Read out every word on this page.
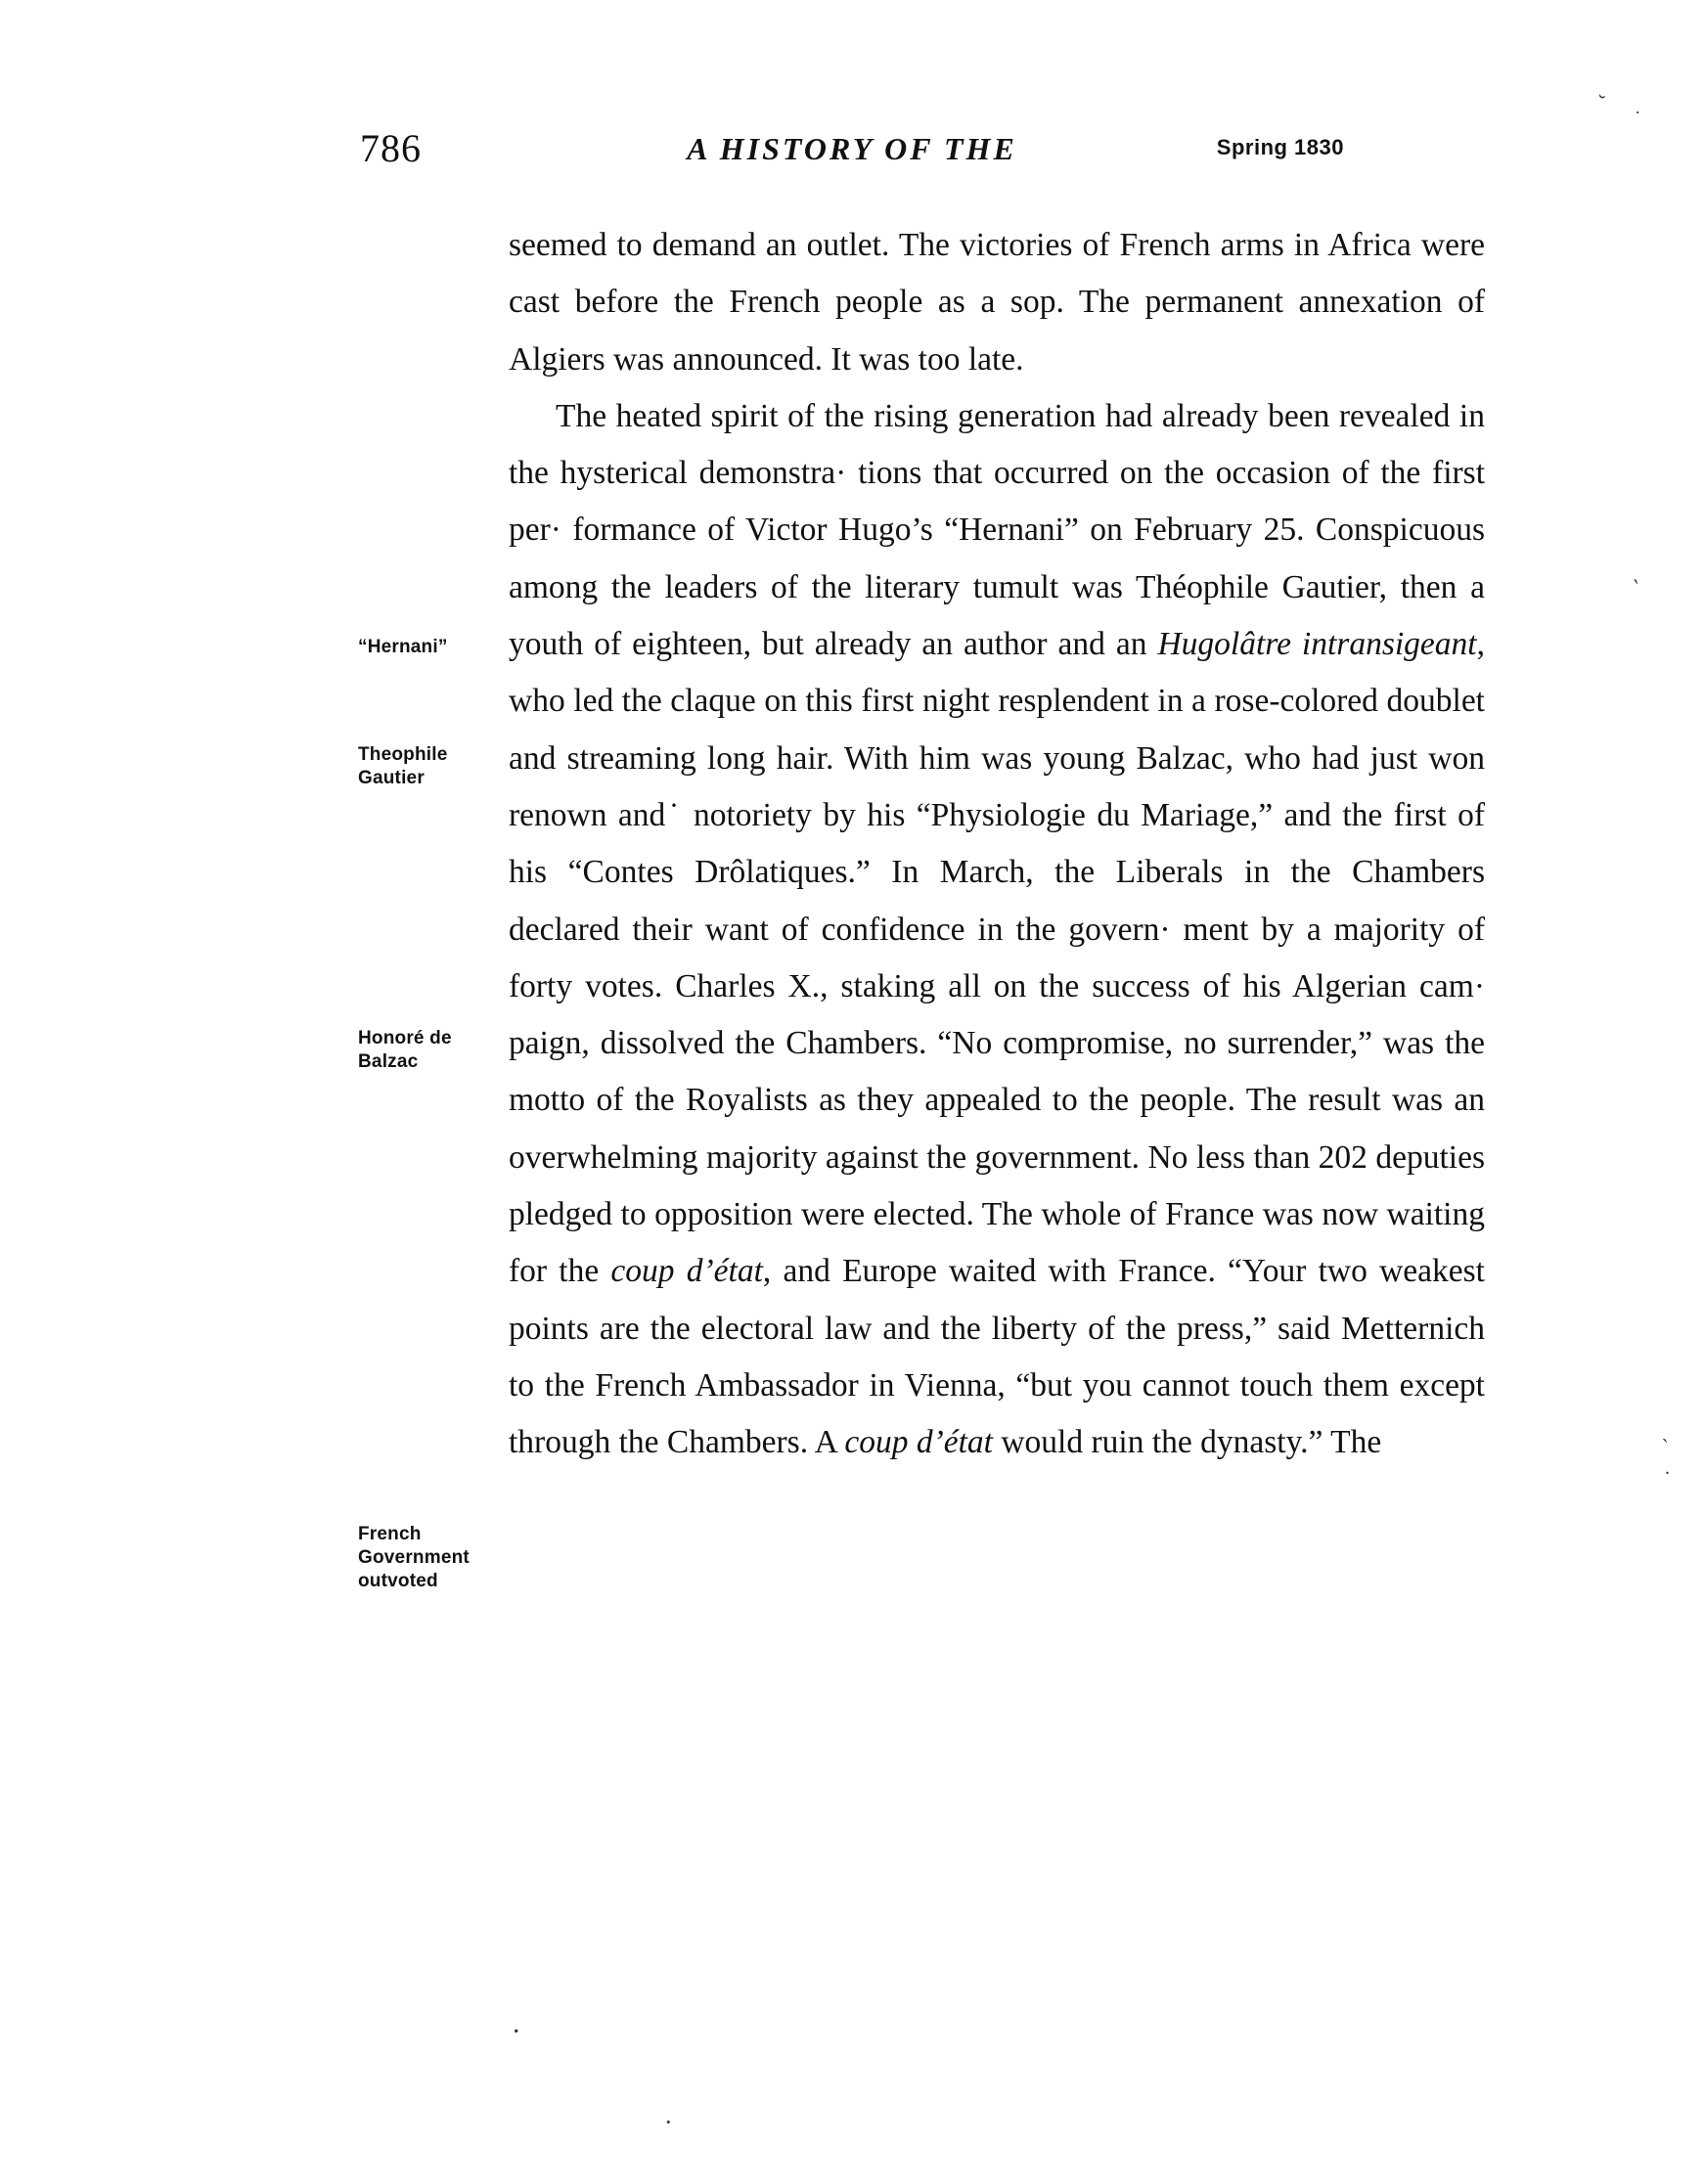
786	A HISTORY OF THE	Spring 1830
“Hernani”
Theophile Gautier
Honoré de Balzac
French Government outvoted

seemed to demand an outlet. The victories of French arms in Africa were cast before the French people as a sop. The permanent annexation of Algiers was announced. It was too late.

The heated spirit of the rising generation had already been revealed in the hysterical demonstra· tions that occurred on the occasion of the first per· formance of Victor Hugo’s “Hernani” on February 25. Conspicuous among the leaders of the literary tumult was Théophile Gautier, then a youth of eighteen, but already an author and an Hugolâtre intransigeant, who led the claque on this first night resplendent in a rose-colored doublet and streaming long hair. With him was young Balzac, who had just won renown and˙ notoriety by his “Physiologie du Mariage,” and the first of his “Contes Drôlatiques.” In March, the Liberals in the Chambers declared their want of confidence in the govern· ment by a majority of forty votes. Charles X., staking all on the success of his Algerian cam· paign, dissolved the Chambers. “No compromise, no surrender,” was the motto of the Royalists as they appealed to the people. The result was an overwhelming majority against the government. No less than 202 deputies pledged to opposition were elected. The whole of France was now waiting for the coup d’état, and Europe waited with France. “Your two weakest points are the electoral law and the liberty of the press,” said Metternich to the French Ambassador in Vienna, “but you cannot touch them except through the Chambers. A coup d’état would ruin the dynasty.” The

˘ .
ˎ
ˎ
.
.
.
